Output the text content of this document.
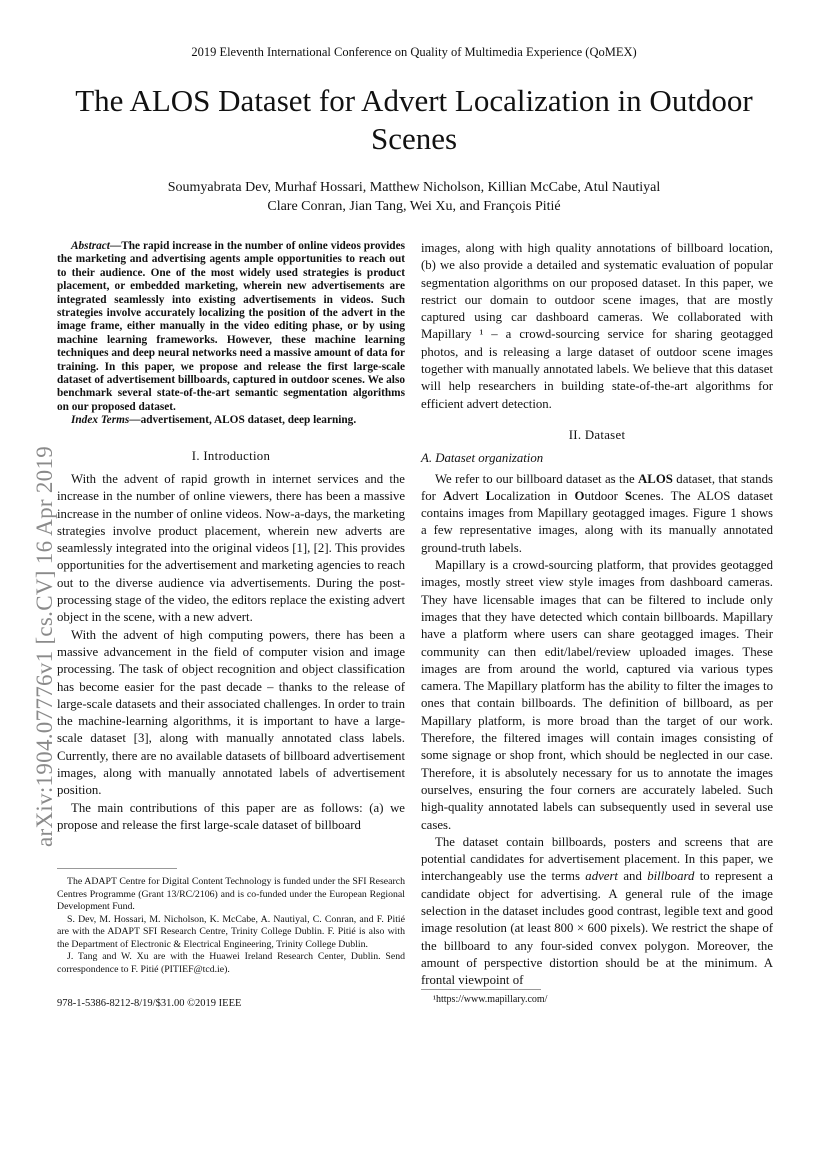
2019 Eleventh International Conference on Quality of Multimedia Experience (QoMEX)
The ALOS Dataset for Advert Localization in Outdoor Scenes
Soumyabrata Dev, Murhaf Hossari, Matthew Nicholson, Killian McCabe, Atul Nautiyal
Clare Conran, Jian Tang, Wei Xu, and François Pitié
arXiv:1904.07776v1 [cs.CV] 16 Apr 2019
Abstract—The rapid increase in the number of online videos provides the marketing and advertising agents ample opportunities to reach out to their audience. One of the most widely used strategies is product placement, or embedded marketing, wherein new advertisements are integrated seamlessly into existing advertisements in videos. Such strategies involve accurately localizing the position of the advert in the image frame, either manually in the video editing phase, or by using machine learning frameworks. However, these machine learning techniques and deep neural networks need a massive amount of data for training. In this paper, we propose and release the first large-scale dataset of advertisement billboards, captured in outdoor scenes. We also benchmark several state-of-the-art semantic segmentation algorithms on our proposed dataset.
Index Terms—advertisement, ALOS dataset, deep learning.
I. Introduction

With the advent of rapid growth in internet services and the increase in the number of online viewers, there has been a massive increase in the number of online videos. Now-a-days, the marketing strategies involve product placement, wherein new adverts are seamlessly integrated into the original videos [1], [2]. This provides opportunities for the advertisement and marketing agencies to reach out to the diverse audience via advertisements. During the post-processing stage of the video, the editors replace the existing advert object in the scene, with a new advert.

With the advent of high computing powers, there has been a massive advancement in the field of computer vision and image processing. The task of object recognition and object classification has become easier for the past decade – thanks to the release of large-scale datasets and their associated challenges. In order to train the machine-learning algorithms, it is important to have a large-scale dataset [3], along with manually annotated class labels. Currently, there are no available datasets of billboard advertisement images, along with manually annotated labels of advertisement position.

The main contributions of this paper are as follows: (a) we propose and release the first large-scale dataset of billboard

The ADAPT Centre for Digital Content Technology is funded under the SFI Research Centres Programme (Grant 13/RC/2106) and is co-funded under the European Regional Development Fund.

S. Dev, M. Hossari, M. Nicholson, K. McCabe, A. Nautiyal, C. Conran, and F. Pitié are with the ADAPT SFI Research Centre, Trinity College Dublin. F. Pitié is also with the Department of Electronic & Electrical Engineering, Trinity College Dublin.

J. Tang and W. Xu are with the Huawei Ireland Research Center, Dublin. Send correspondence to F. Pitié (PITIEF@tcd.ie).

978-1-5386-8212-8/19/$31.00 ©2019 IEEE

images, along with high quality annotations of billboard location, (b) we also provide a detailed and systematic evaluation of popular segmentation algorithms on our proposed dataset. In this paper, we restrict our domain to outdoor scene images, that are mostly captured using car dashboard cameras. We collaborated with Mapillary ¹ – a crowd-sourcing service for sharing geotagged photos, and is releasing a large dataset of outdoor scene images together with manually annotated labels. We believe that this dataset will help researchers in building state-of-the-art algorithms for efficient advert detection.

II. Dataset
A. Dataset organization

We refer to our billboard dataset as the ALOS dataset, that stands for Advert Localization in Outdoor Scenes. The ALOS dataset contains images from Mapillary geotagged images. Figure 1 shows a few representative images, along with its manually annotated ground-truth labels.

Mapillary is a crowd-sourcing platform, that provides geotagged images, mostly street view style images from dashboard cameras. They have licensable images that can be filtered to include only images that they have detected which contain billboards. Mapillary have a platform where users can share geotagged images. Their community can then edit/label/review uploaded images. These images are from around the world, captured via various types camera. The Mapillary platform has the ability to filter the images to ones that contain billboards. The definition of billboard, as per Mapillary platform, is more broad than the target of our work. Therefore, the filtered images will contain images consisting of some signage or shop front, which should be neglected in our case. Therefore, it is absolutely necessary for us to annotate the images ourselves, ensuring the four corners are accurately labeled. Such high-quality annotated labels can subsequently used in several use cases.

The dataset contain billboards, posters and screens that are potential candidates for advertisement placement. In this paper, we interchangeably use the terms advert and billboard to represent a candidate object for advertising. A general rule of the image selection in the dataset includes good contrast, legible text and good image resolution (at least 800 × 600 pixels). We restrict the shape of the billboard to any four-sided convex polygon. Moreover, the amount of perspective distortion should be at the minimum. A frontal viewpoint of

¹https://www.mapillary.com/
